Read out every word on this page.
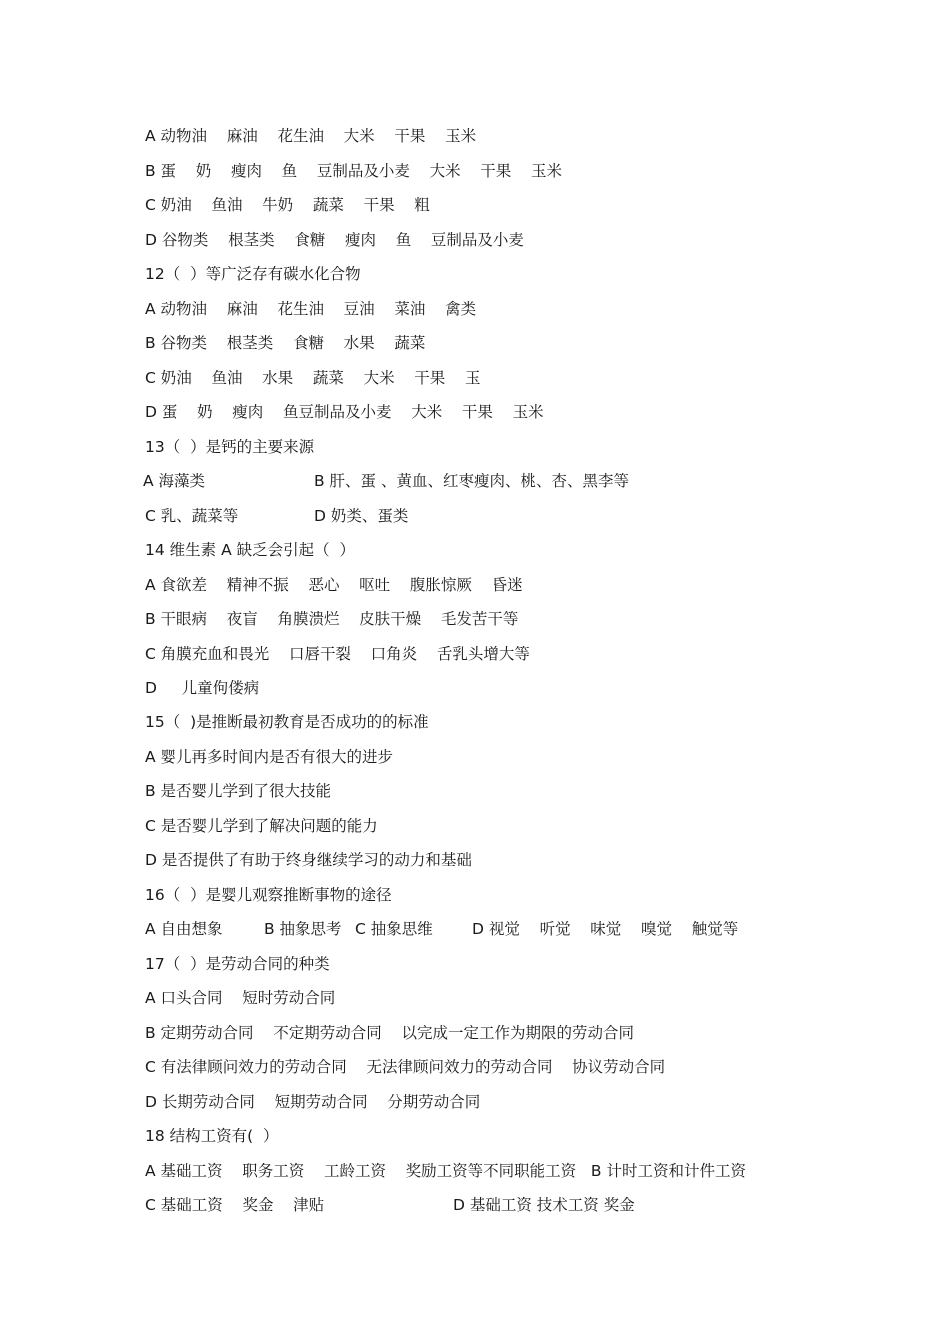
A 动物油    麻油    花生油    大米    干果    玉米
B 蛋    奶    瘦肉    鱼    豆制品及小麦    大米    干果    玉米
C 奶油    鱼油    牛奶    蔬菜    干果    粗
D 谷物类    根茎类    食糖    瘦肉    鱼    豆制品及小麦
12（  ）等广泛存有碳水化合物
A 动物油    麻油    花生油    豆油    菜油    禽类
B 谷物类    根茎类    食糖    水果    蔬菜
C 奶油    鱼油    水果    蔬菜    大米    干果    玉
D 蛋    奶    瘦肉    鱼豆制品及小麦    大米    干果    玉米
13（  ）是钙的主要来源
A 海藻类	B 肝、蛋 、黄血、红枣瘦肉、桃、杏、黑李等
C 乳、蔬菜等	D 奶类、蛋类
14 维生素 A 缺乏会引起（  ）
A 食欲差    精神不振    恶心    呕吐    腹胀惊厥    昏迷
B 干眼病    夜盲    角膜溃烂    皮肤干燥    毛发苦干等
C 角膜充血和畏光    口唇干裂    口角炎    舌乳头增大等
D     儿童佝偻病
15（  )是推断最初教育是否成功的的标准
A 婴儿再多时间内是否有很大的进步
B 是否婴儿学到了很大技能
C 是否婴儿学到了解决问题的能力
D 是否提供了有助于终身继续学习的动力和基础
16（  ）是婴儿观察推断事物的途径
A 自由想象	B 抽象思考 C 抽象思维	D 视觉    听觉    味觉    嗅觉    触觉等
17（  ）是劳动合同的种类
A 口头合同    短时劳动合同
B 定期劳动合同    不定期劳动合同    以完成一定工作为期限的劳动合同
C 有法律顾问效力的劳动合同    无法律顾问效力的劳动合同    协议劳动合同
D 长期劳动合同    短期劳动合同    分期劳动合同
18 结构工资有(  ）
A 基础工资    职务工资    工龄工资    奖励工资等不同职能工资   B 计时工资和计件工资
C 基础工资    奖金    津贴	D 基础工资 技术工资 奖金
